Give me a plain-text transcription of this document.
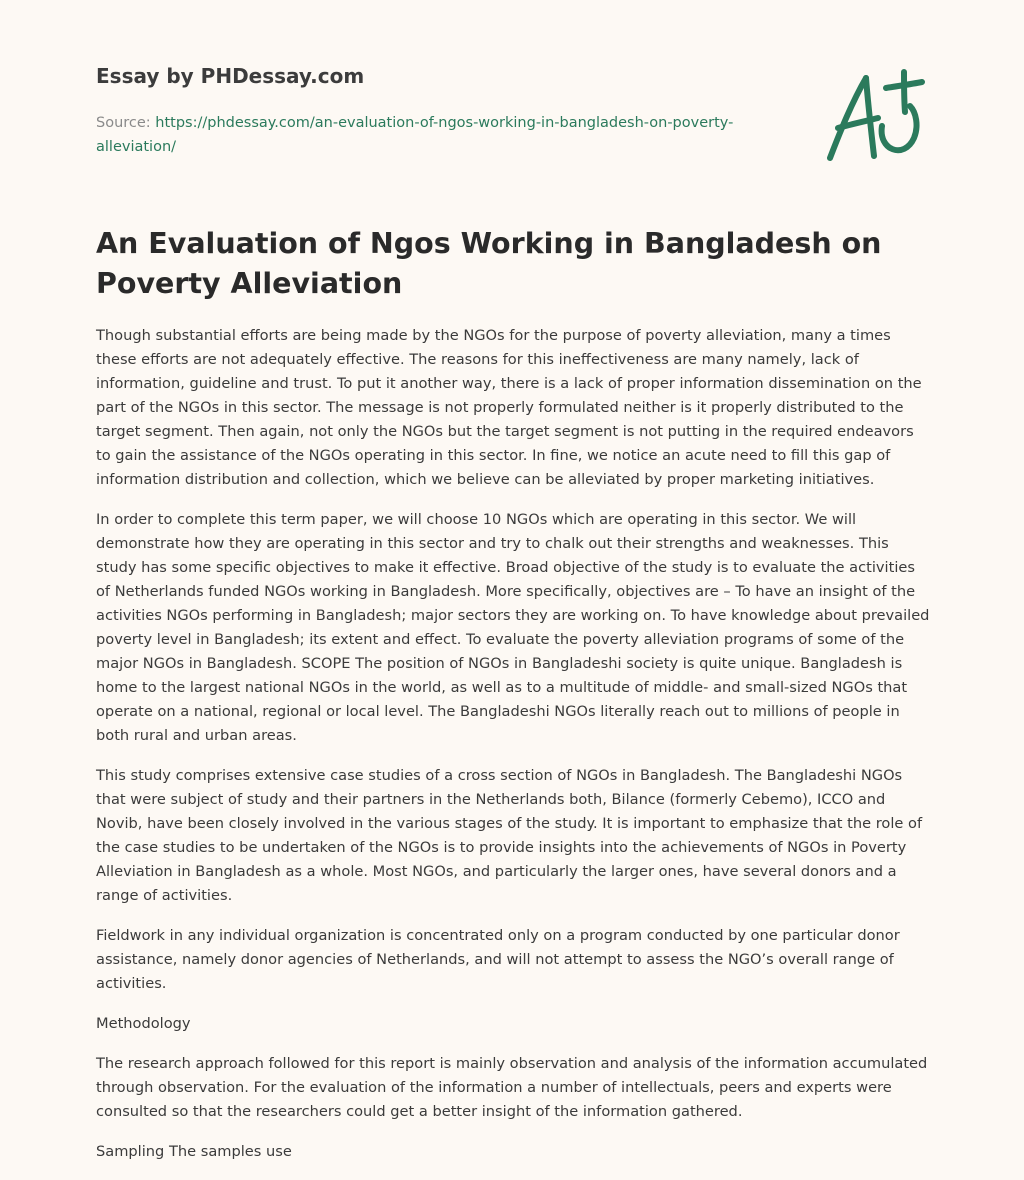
Essay by PHDessay.com
Source: https://phdessay.com/an-evaluation-of-ngos-working-in-bangladesh-on-poverty-alleviation/
An Evaluation of Ngos Working in Bangladesh on Poverty Alleviation

Though substantial efforts are being made by the NGOs for the purpose of poverty alleviation, many a times these efforts are not adequately effective. The reasons for this ineffectiveness are many namely, lack of information, guideline and trust. To put it another way, there is a lack of proper information dissemination on the part of the NGOs in this sector. The message is not properly formulated neither is it properly distributed to the target segment. Then again, not only the NGOs but the target segment is not putting in the required endeavors to gain the assistance of the NGOs operating in this sector. In fine, we notice an acute need to fill this gap of information distribution and collection, which we believe can be alleviated by proper marketing initiatives.

In order to complete this term paper, we will choose 10 NGOs which are operating in this sector. We will demonstrate how they are operating in this sector and try to chalk out their strengths and weaknesses. This study has some specific objectives to make it effective. Broad objective of the study is to evaluate the activities of Netherlands funded NGOs working in Bangladesh. More specifically, objectives are – To have an insight of the activities NGOs performing in Bangladesh; major sectors they are working on. To have knowledge about prevailed poverty level in Bangladesh; its extent and effect. To evaluate the poverty alleviation programs of some of the major NGOs in Bangladesh. SCOPE The position of NGOs in Bangladeshi society is quite unique. Bangladesh is home to the largest national NGOs in the world, as well as to a multitude of middle- and small-sized NGOs that operate on a national, regional or local level. The Bangladeshi NGOs literally reach out to millions of people in both rural and urban areas.

This study comprises extensive case studies of a cross section of NGOs in Bangladesh. The Bangladeshi NGOs that were subject of study and their partners in the Netherlands both, Bilance (formerly Cebemo), ICCO and Novib, have been closely involved in the various stages of the study. It is important to emphasize that the role of the case studies to be undertaken of the NGOs is to provide insights into the achievements of NGOs in Poverty Alleviation in Bangladesh as a whole. Most NGOs, and particularly the larger ones, have several donors and a range of activities.

Fieldwork in any individual organization is concentrated only on a program conducted by one particular donor assistance, namely donor agencies of Netherlands, and will not attempt to assess the NGO’s overall range of activities.

Methodology

The research approach followed for this report is mainly observation and analysis of the information accumulated through observation. For the evaluation of the information a number of intellectuals, peers and experts were consulted so that the researchers could get a better insight of the information gathered.

Sampling The samples use
